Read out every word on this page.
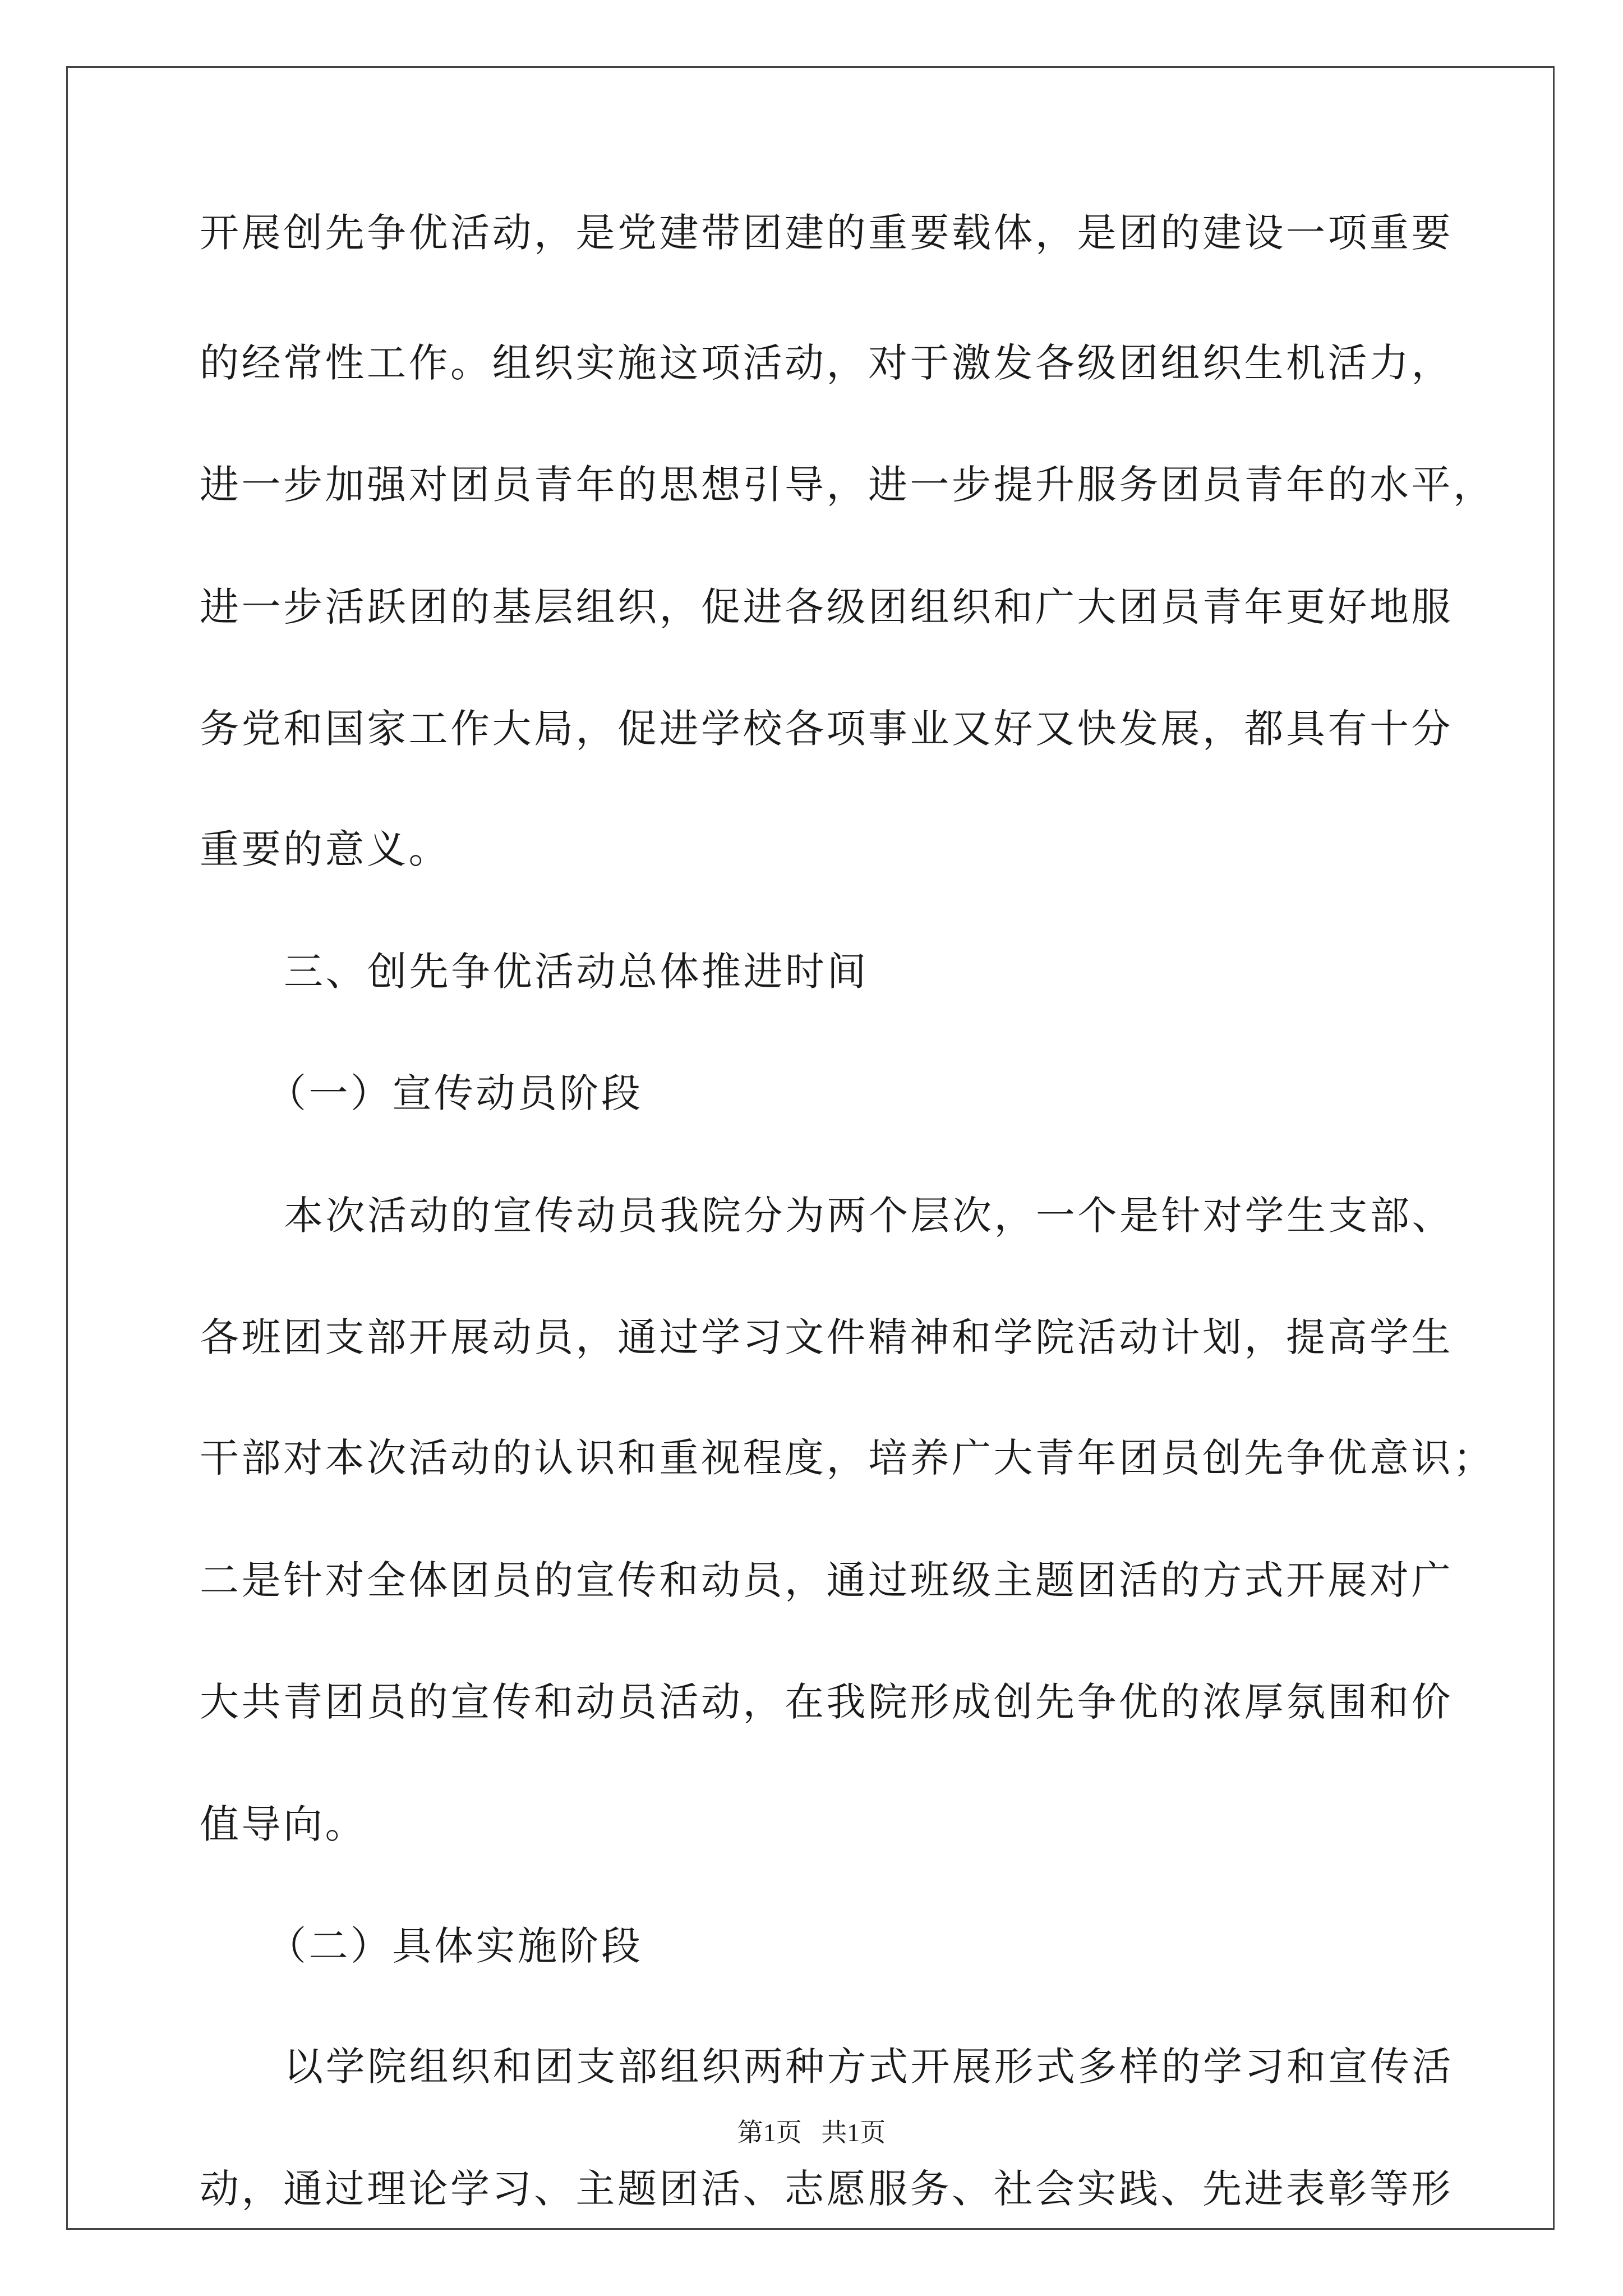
开展创先争优活动，是党建带团建的重要载体，是团的建设一项重要
的经常性工作。组织实施这项活动，对于激发各级团组织生机活力，
进一步加强对团员青年的思想引导，进一步提升服务团员青年的水平，
进一步活跃团的基层组织，促进各级团组织和广大团员青年更好地服
务党和国家工作大局，促进学校各项事业又好又快发展，都具有十分
重要的意义。
三、创先争优活动总体推进时间
（一）宣传动员阶段
本次活动的宣传动员我院分为两个层次，一个是针对学生支部、
各班团支部开展动员，通过学习文件精神和学院活动计划，提高学生
干部对本次活动的认识和重视程度，培养广大青年团员创先争优意识；
二是针对全体团员的宣传和动员，通过班级主题团活的方式开展对广
大共青团员的宣传和动员活动，在我院形成创先争优的浓厚氛围和价
值导向。
（二）具体实施阶段
以学院组织和团支部组织两种方式开展形式多样的学习和宣传活
动，通过理论学习、主题团活、志愿服务、社会实践、先进表彰等形
第1页   共1页
